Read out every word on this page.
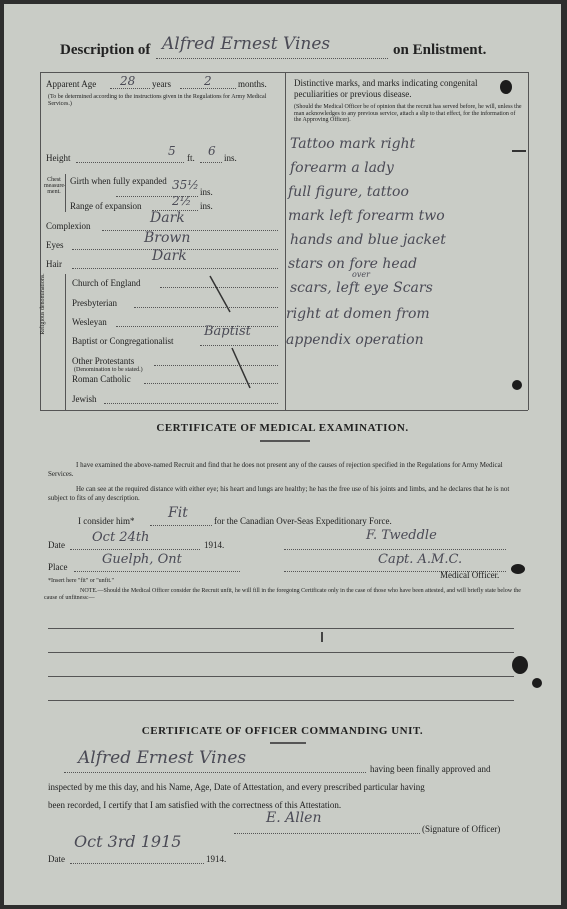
Description of Alfred Ernest Vines	on Enlistment.
Apparent Age 28 years	2	months.
(To be determined according to the instructions given in the Regulations for Army Medical Services.)
Distinctive marks, and marks indicating congenital peculiarities or previous disease.
(Should the Medical Officer be of opinion that the recruit has served before, he will, unless the man acknowledges to any previous service, attach a slip to that effect, for the information of the Approving Officer).
Tattoo mark right
forearm a lady
full figure, tattoo
mark left forearm two
hands and blue jacket
stars on fore head
over
scars, left eye Scars
right at domen from
appendix operation
Height	5 ft. 6 ins.
Chest measure-ment.
Girth when fully expanded 35½ ins.
Range of expansion	2½ ins.
Complexion	Dark
Eyes	Brown
Hair	Dark
Religious denominations.	Church of England
Presbyterian
Wesleyan
Baptist or Congregationalist
Baptist
Other Protestants
(Denomination to be stated.)
Roman Catholic
Jewish
CERTIFICATE OF MEDICAL EXAMINATION.
I have examined the above-named Recruit and find that he does not present any of the causes of rejection specified in the Regulations for Army Medical Services.
He can see at the required distance with either eye; his heart and lungs are healthy; he has the free use of his joints and limbs, and he declares that he is not subject to fits of any description.
I consider him* Fit	for the Canadian Over-Seas Expeditionary Force.
Date Oct 24th	1914.
F. Tweddle
Place	Guelph, Ont	Capt. A.M.C.
Medical Officer.
*Insert here "fit" or "unfit."
NOTE.—Should the Medical Officer consider the Recruit unfit, he will fill in the foregoing Certificate only in the case of those who have been attested, and will briefly state below the cause of unfitness:—
CERTIFICATE OF OFFICER COMMANDING UNIT.
Alfred Ernest Vines
having been finally approved and
inspected by me this day, and his Name, Age, Date of Attestation, and every prescribed particular having
been recorded, I certify that I am satisfied with the correctness of this Attestation.
E. Allen
(Signature of Officer)
Oct 3rd 1915
Date	1914.
